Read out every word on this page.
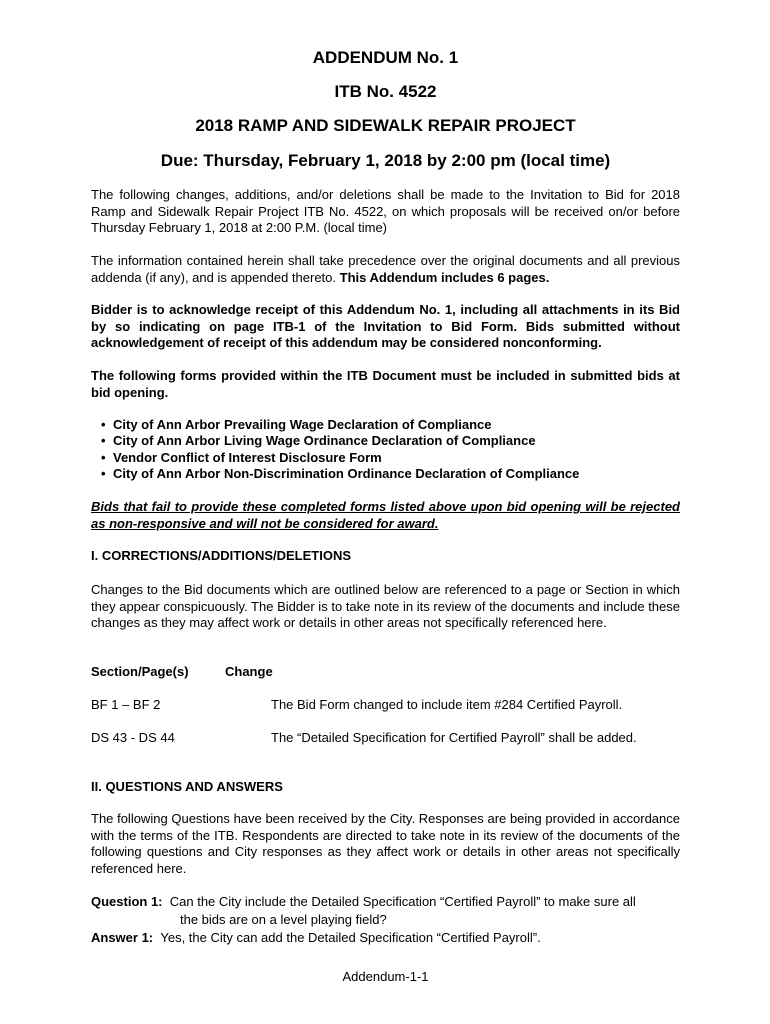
ADDENDUM No. 1
ITB No. 4522
2018 RAMP AND SIDEWALK REPAIR PROJECT
Due: Thursday, February 1, 2018 by 2:00 pm (local time)

The following changes, additions, and/or deletions shall be made to the Invitation to Bid for 2018 Ramp and Sidewalk Repair Project ITB No. 4522, on which proposals will be received on/or before Thursday February 1, 2018 at 2:00 P.M. (local time)

The information contained herein shall take precedence over the original documents and all previous addenda (if any), and is appended thereto. This Addendum includes 6 pages.

Bidder is to acknowledge receipt of this Addendum No. 1, including all attachments in its Bid by so indicating on page ITB-1 of the Invitation to Bid Form. Bids submitted without acknowledgement of receipt of this addendum may be considered nonconforming.

The following forms provided within the ITB Document must be included in submitted bids at bid opening.

• City of Ann Arbor Prevailing Wage Declaration of Compliance
• City of Ann Arbor Living Wage Ordinance Declaration of Compliance
• Vendor Conflict of Interest Disclosure Form
• City of Ann Arbor Non-Discrimination Ordinance Declaration of Compliance

Bids that fail to provide these completed forms listed above upon bid opening will be rejected as non-responsive and will not be considered for award.

I. CORRECTIONS/ADDITIONS/DELETIONS

Changes to the Bid documents which are outlined below are referenced to a page or Section in which they appear conspicuously. The Bidder is to take note in its review of the documents and include these changes as they may affect work or details in other areas not specifically referenced here.

Section/Page(s)	Change
BF 1 – BF 2	The Bid Form changed to include item #284 Certified Payroll.
DS 43 - DS 44	The “Detailed Specification for Certified Payroll” shall be added.
II. QUESTIONS AND ANSWERS

The following Questions have been received by the City. Responses are being provided in accordance with the terms of the ITB. Respondents are directed to take note in its review of the documents of the following questions and City responses as they affect work or details in other areas not specifically referenced here.

Question 1: Can the City include the Detailed Specification “Certified Payroll” to make sure all
the bids are on a level playing field?
Answer 1: Yes, the City can add the Detailed Specification “Certified Payroll”.
Addendum-1-1
